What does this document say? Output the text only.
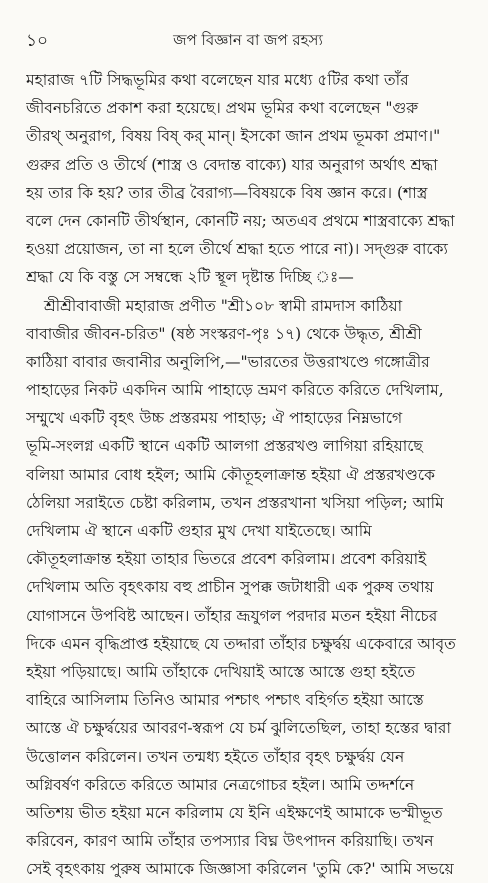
১০	জপ বিজ্ঞান বা জপ রহস্য
মহারাজ ৭টি সিদ্ধভূমির কথা বলেছেন যার মধ্যে ৫টির কথা তাঁর
জীবনচরিতে প্রকাশ করা হয়েছে। প্রথম ভূমির কথা বলেছেন "গুরু
তীরথ্ অনুরাগ, বিষয় বিষ্ কর্ মান্। ইসকো জান প্রথম ভূমকা প্রমাণ।"
গুরুর প্রতি ও তীর্থে (শাস্ত্র ও বেদান্ত বাক্যে) যার অনুরাগ অর্থাৎ শ্রদ্ধা
হয় তার কি হয়? তার তীব্র বৈরাগ্য—বিষয়কে বিষ জ্ঞান করে। (শাস্ত্র
বলে দেন কোনটি তীর্থস্থান, কোনটি নয়; অতএব প্রথমে শাস্ত্রবাক্যে শ্রদ্ধা
হওয়া প্রয়োজন, তা না হলে তীর্থে শ্রদ্ধা হতে পারে না)। সদ্গুরু বাক্যে
শ্রদ্ধা যে কি বস্তু সে সম্বন্ধে ২টি স্থূল দৃষ্টান্ত দিচ্ছি ঃ—
শ্রীশ্রীবাবাজী মহারাজ প্রণীত "শ্রী১০৮ স্বামী রামদাস কাঠিয়া
বাবাজীর জীবন-চরিত" (ষষ্ঠ সংস্করণ-পৃঃ ১৭) থেকে উদ্ধৃত, শ্রীশ্রী
কাঠিয়া বাবার জবানীর অনুলিপি,—"ভারতের উত্তরাখণ্ডে গঙ্গোত্রীর
পাহাড়ের নিকট একদিন আমি পাহাড়ে ভ্রমণ করিতে করিতে দেখিলাম,
সম্মুখে একটি বৃহৎ উচ্চ প্রস্তরময় পাহাড়; ঐ পাহাড়ের নিম্নভাগে
ভূমি-সংলগ্ন একটি স্থানে একটি আলগা প্রস্তরখণ্ড লাগিয়া রহিয়াছে
বলিয়া আমার বোধ হইল; আমি কৌতূহলাক্রান্ত হইয়া ঐ প্রস্তরখণ্ডকে
ঠেলিয়া সরাইতে চেষ্টা করিলাম, তখন প্রস্তরখানা খসিয়া পড়িল; আমি
দেখিলাম ঐ স্থানে একটি গুহার মুখ দেখা যাইতেছে। আমি
কৌতূহলাক্রান্ত হইয়া তাহার ভিতরে প্রবেশ করিলাম। প্রবেশ করিয়াই
দেখিলাম অতি বৃহৎকায় বহু প্রাচীন সুপক্ক জটাধারী এক পুরুষ তথায়
যোগাসনে উপবিষ্ট আছেন। তাঁহার ভ্রূযুগল পরদার মতন হইয়া নীচের
দিকে এমন বৃদ্ধিপ্রাপ্ত হইয়াছে যে তদ্দারা তাঁহার চক্ষুর্দ্বয় একেবারে আবৃত
হইয়া পড়িয়াছে। আমি তাঁহাকে দেখিয়াই আস্তে আস্তে গুহা হইতে
বাহিরে আসিলাম তিনিও আমার পশ্চাৎ পশ্চাৎ বহির্গত হইয়া আস্তে
আস্তে ঐ চক্ষুর্দ্বয়ের আবরণ-স্বরূপ যে চর্ম ঝুলিতেছিল, তাহা হস্তের দ্বারা
উত্তোলন করিলেন। তখন তন্মধ্য হইতে তাঁহার বৃহৎ চক্ষুর্দ্বয় যেন
অগ্নিবর্ষণ করিতে করিতে আমার নেত্রগোচর হইল। আমি তদ্দর্শনে
অতিশয় ভীত হইয়া মনে করিলাম যে ইনি এইক্ষণেই আমাকে ভস্মীভূত
করিবেন, কারণ আমি তাঁহার তপস্যার বিঘ্ন উৎপাদন করিয়াছি। তখন
সেই বৃহৎকায় পুরুষ আমাকে জিজ্ঞাসা করিলেন 'তুমি কে?' আমি সভয়ে
